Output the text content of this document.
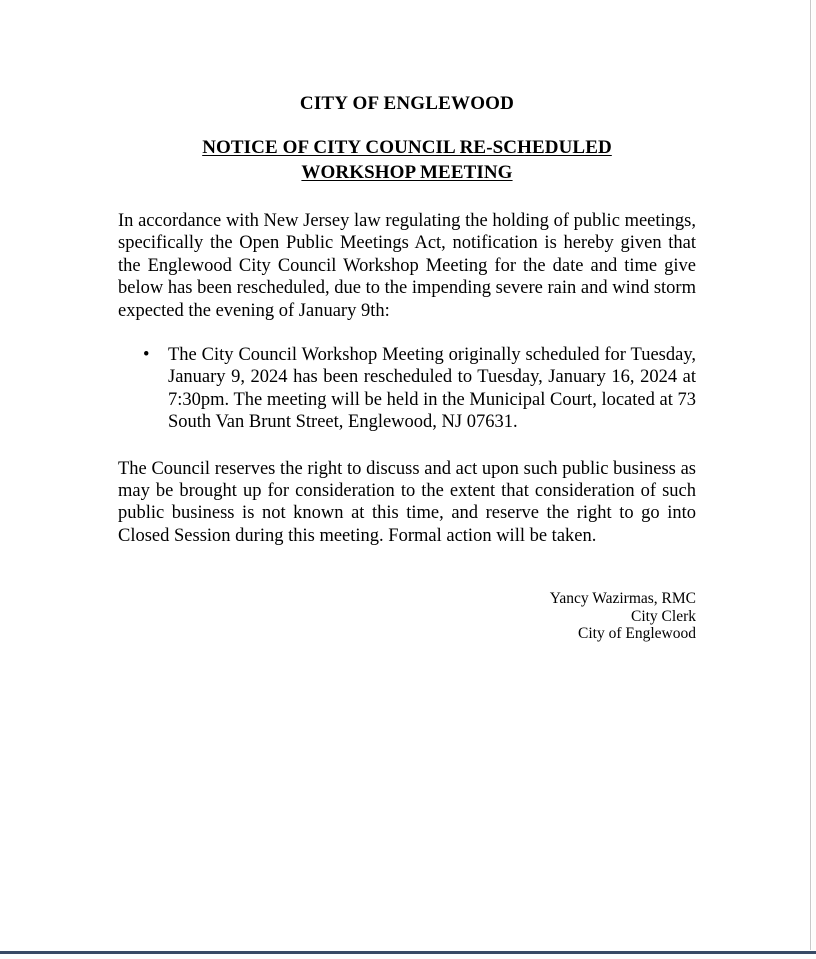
CITY OF ENGLEWOOD
NOTICE OF CITY COUNCIL RE-SCHEDULED
WORKSHOP MEETING

In accordance with New Jersey law regulating the holding of public meetings, specifically the Open Public Meetings Act, notification is hereby given that the Englewood City Council Workshop Meeting for the date and time give below has been rescheduled, due to the impending severe rain and wind storm expected the evening of January 9th:

• The City Council Workshop Meeting originally scheduled for Tuesday, January 9, 2024 has been rescheduled to Tuesday, January 16, 2024 at 7:30pm. The meeting will be held in the Municipal Court, located at 73 South Van Brunt Street, Englewood, NJ 07631.

The Council reserves the right to discuss and act upon such public business as may be brought up for consideration to the extent that consideration of such public business is not known at this time, and reserve the right to go into Closed Session during this meeting. Formal action will be taken.

Yancy Wazirmas, RMC
City Clerk
City of Englewood
